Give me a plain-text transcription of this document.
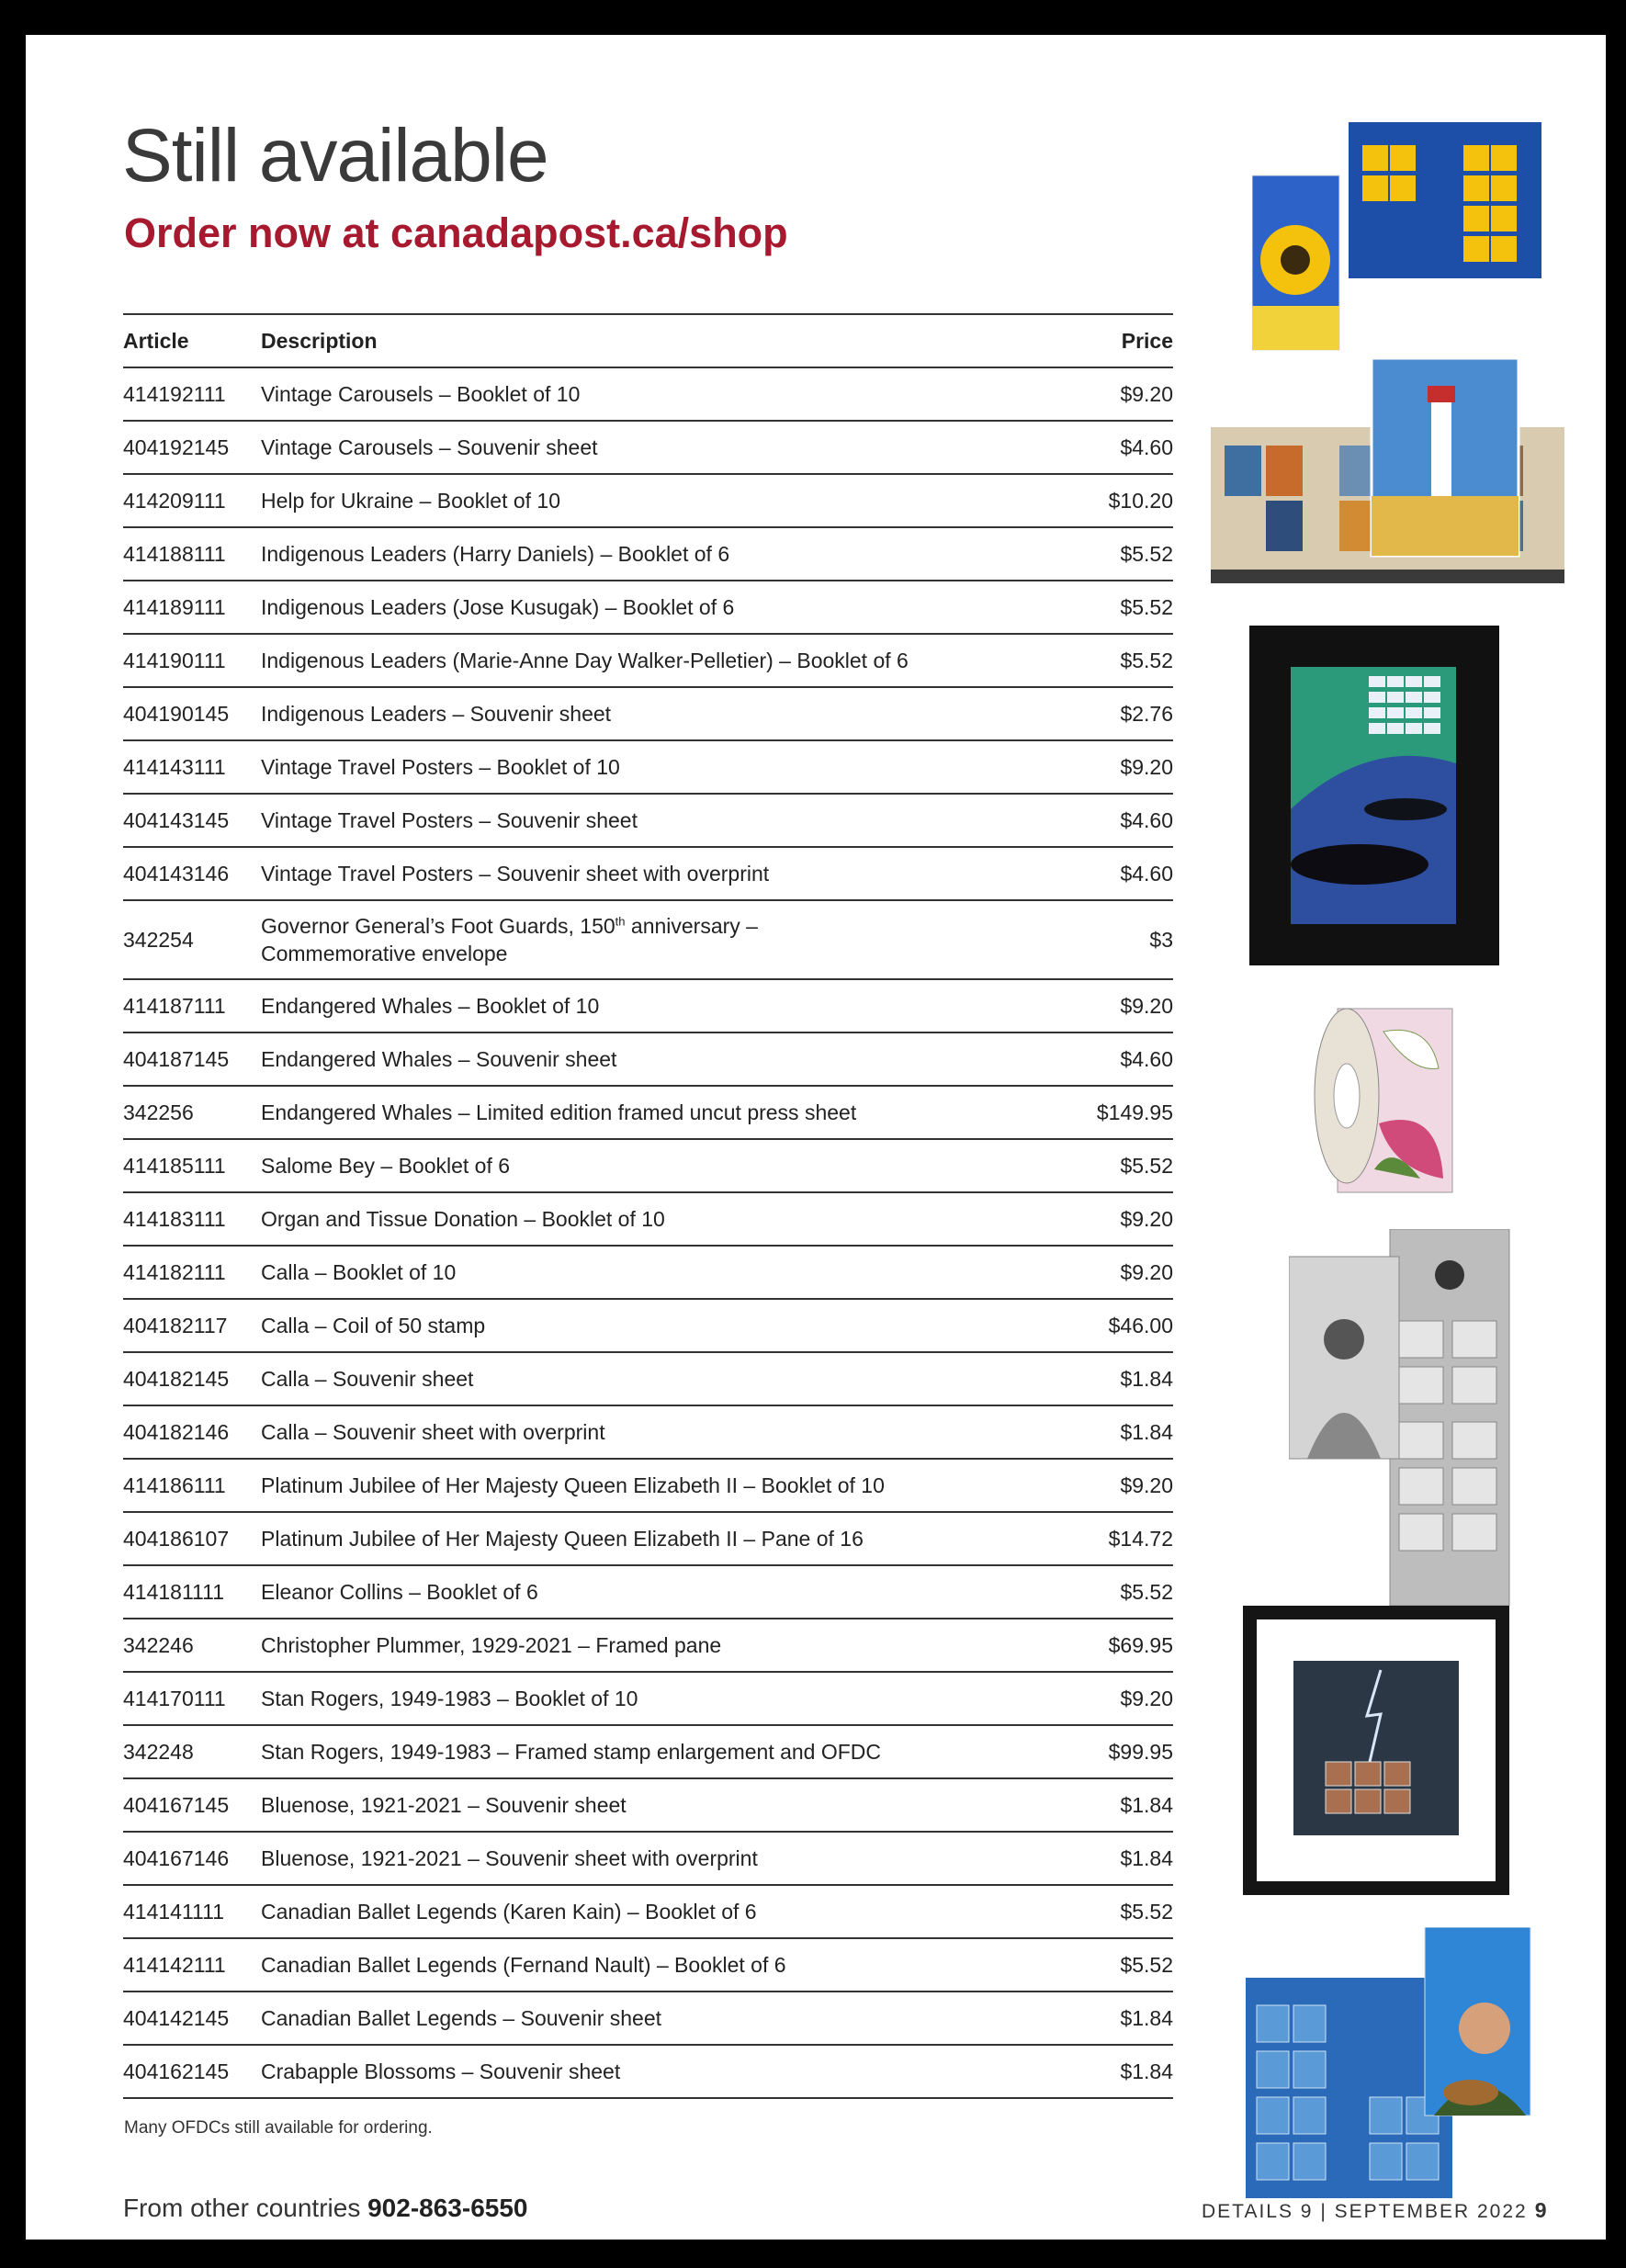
Still available
Order now at canadapost.ca/shop
Article	Description	Price
414192111	Vintage Carousels – Booklet of 10	$9.20
404192145	Vintage Carousels – Souvenir sheet	$4.60
414209111	Help for Ukraine – Booklet of 10	$10.20
414188111	Indigenous Leaders (Harry Daniels) – Booklet of 6	$5.52
414189111	Indigenous Leaders (Jose Kusugak) – Booklet of 6	$5.52
414190111	Indigenous Leaders (Marie-Anne Day Walker-Pelletier) – Booklet of 6	$5.52
404190145	Indigenous Leaders – Souvenir sheet	$2.76
414143111	Vintage Travel Posters – Booklet of 10	$9.20
404143145	Vintage Travel Posters – Souvenir sheet	$4.60
404143146	Vintage Travel Posters – Souvenir sheet with overprint	$4.60
342254	Governor General’s Foot Guards, 150th anniversary –
Commemorative envelope	$3
414187111	Endangered Whales – Booklet of 10	$9.20
404187145	Endangered Whales – Souvenir sheet	$4.60
342256	Endangered Whales – Limited edition framed uncut press sheet	$149.95
414185111	Salome Bey – Booklet of 6	$5.52
414183111	Organ and Tissue Donation – Booklet of 10	$9.20
414182111	Calla – Booklet of 10	$9.20
404182117	Calla – Coil of 50 stamp	$46.00
404182145	Calla – Souvenir sheet	$1.84
404182146	Calla – Souvenir sheet with overprint	$1.84
414186111	Platinum Jubilee of Her Majesty Queen Elizabeth II – Booklet of 10	$9.20
404186107	Platinum Jubilee of Her Majesty Queen Elizabeth II – Pane of 16	$14.72
414181111	Eleanor Collins – Booklet of 6	$5.52
342246	Christopher Plummer, 1929-2021 – Framed pane	$69.95
414170111	Stan Rogers, 1949-1983 – Booklet of 10	$9.20
342248	Stan Rogers, 1949-1983 – Framed stamp enlargement and OFDC	$99.95
404167145	Bluenose, 1921-2021 – Souvenir sheet	$1.84
404167146	Bluenose, 1921-2021 – Souvenir sheet with overprint	$1.84
414141111	Canadian Ballet Legends (Karen Kain) – Booklet of 6	$5.52
414142111	Canadian Ballet Legends (Fernand Nault) – Booklet of 6	$5.52
404142145	Canadian Ballet Legends – Souvenir sheet	$1.84
404162145	Crabapple Blossoms – Souvenir sheet	$1.84
Many OFDCs still available for ordering.
From other countries 902-863-6550	DETAILS 9 | SEPTEMBER 2022 9
